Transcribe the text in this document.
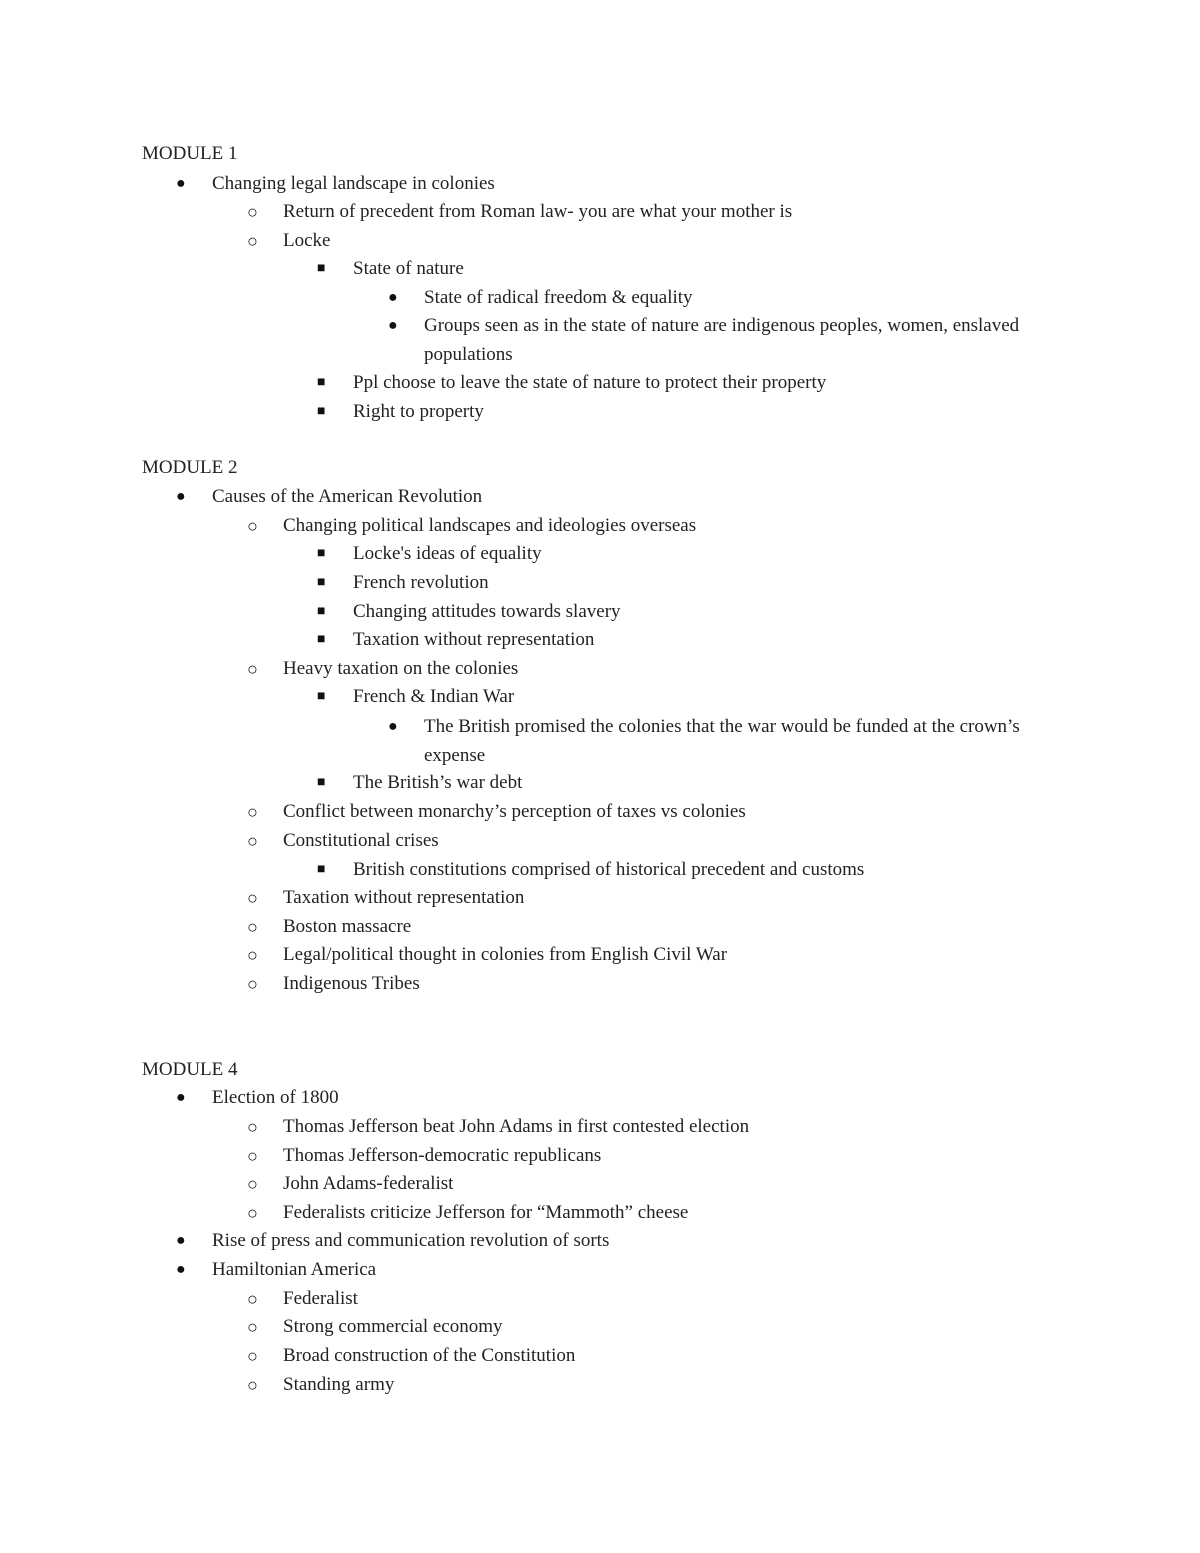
MODULE 1
● Changing legal landscape in colonies
○ Return of precedent from Roman law- you are what your mother is
○ Locke
■ State of nature
● State of radical freedom & equality
● Groups seen as in the state of nature are indigenous peoples, women, enslaved populations
■ Ppl choose to leave the state of nature to protect their property
■ Right to property
MODULE 2
● Causes of the American Revolution
○ Changing political landscapes and ideologies overseas
■ Locke's ideas of equality
■ French revolution
■ Changing attitudes towards slavery
■ Taxation without representation
○ Heavy taxation on the colonies
■ French & Indian War
● The British promised the colonies that the war would be funded at the crown’s expense
■ The British’s war debt
○ Conflict between monarchy’s perception of taxes vs colonies
○ Constitutional crises
■ British constitutions comprised of historical precedent and customs
○ Taxation without representation
○ Boston massacre
○ Legal/political thought in colonies from English Civil War
○ Indigenous Tribes
MODULE 4
● Election of 1800
○ Thomas Jefferson beat John Adams in first contested election
○ Thomas Jefferson-democratic republicans
○ John Adams-federalist
○ Federalists criticize Jefferson for “Mammoth” cheese
● Rise of press and communication revolution of sorts
● Hamiltonian America
○ Federalist
○ Strong commercial economy
○ Broad construction of the Constitution
○ Standing army
